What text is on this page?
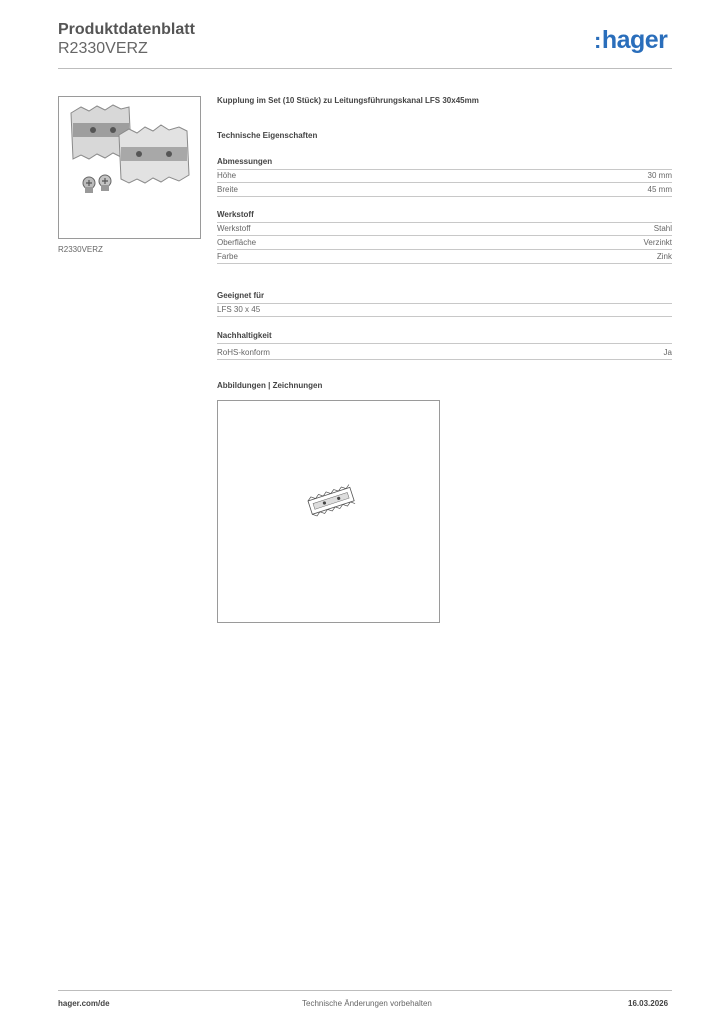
Produktdatenblatt
R2330VERZ	:hager
R2330VERZ
Kupplung im Set (10 Stück) zu Leitungsführungskanal LFS 30x45mm
Technische Eigenschaften
Abmessungen
Höhe	30 mm
Breite	45 mm
Werkstoff
Werkstoff	Stahl
Oberfläche	Verzinkt
Farbe	Zink
Geeignet für
LFS 30 x 45
Nachhaltigkeit
RoHS-konform	Ja
Abbildungen | Zeichnungen
hager.com/de	Technische Änderungen vorbehalten	16.03.2026
